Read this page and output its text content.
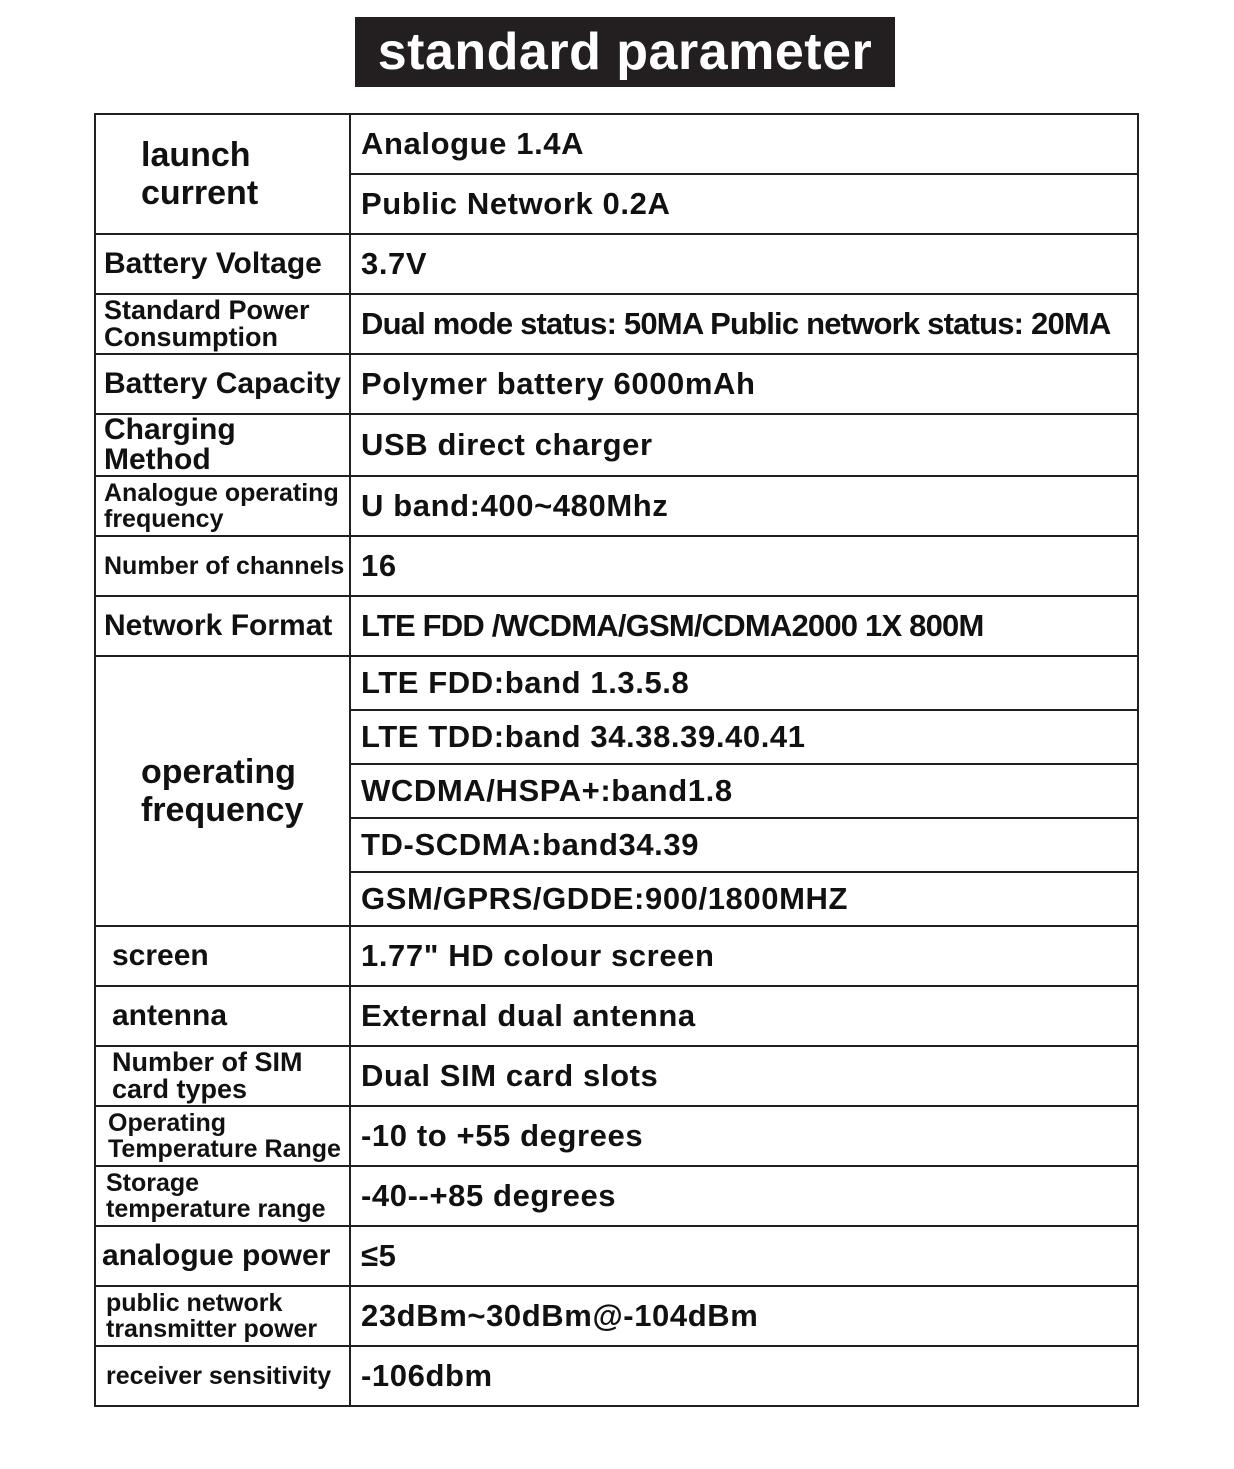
standard parameter
launch current	Analogue 1.4A
	Public Network 0.2A
Battery Voltage	3.7V
Standard Power Consumption	Dual mode status: 50MA Public network status: 20MA
Battery Capacity	Polymer battery 6000mAh
Charging Method	USB direct charger
Analogue operating frequency	U band:400~480Mhz
Number of channels	16
Network Format	LTE FDD /WCDMA/GSM/CDMA2000 1X 800M

operating frequency	LTE FDD:band 1.3.5.8
	LTE TDD:band 34.38.39.40.41
	WCDMA/HSPA+:band1.8
	TD-SCDMA:band34.39
	GSM/GPRS/GDDE:900/1800MHZ
screen	1.77" HD colour screen
antenna	External dual antenna
Number of SIM card types	Dual SIM card slots
Operating Temperature Range	-10 to +55 degrees
Storage temperature range	-40--+85 degrees
analogue power	≤5
public network transmitter power	23dBm~30dBm@-104dBm
receiver sensitivity	-106dbm
